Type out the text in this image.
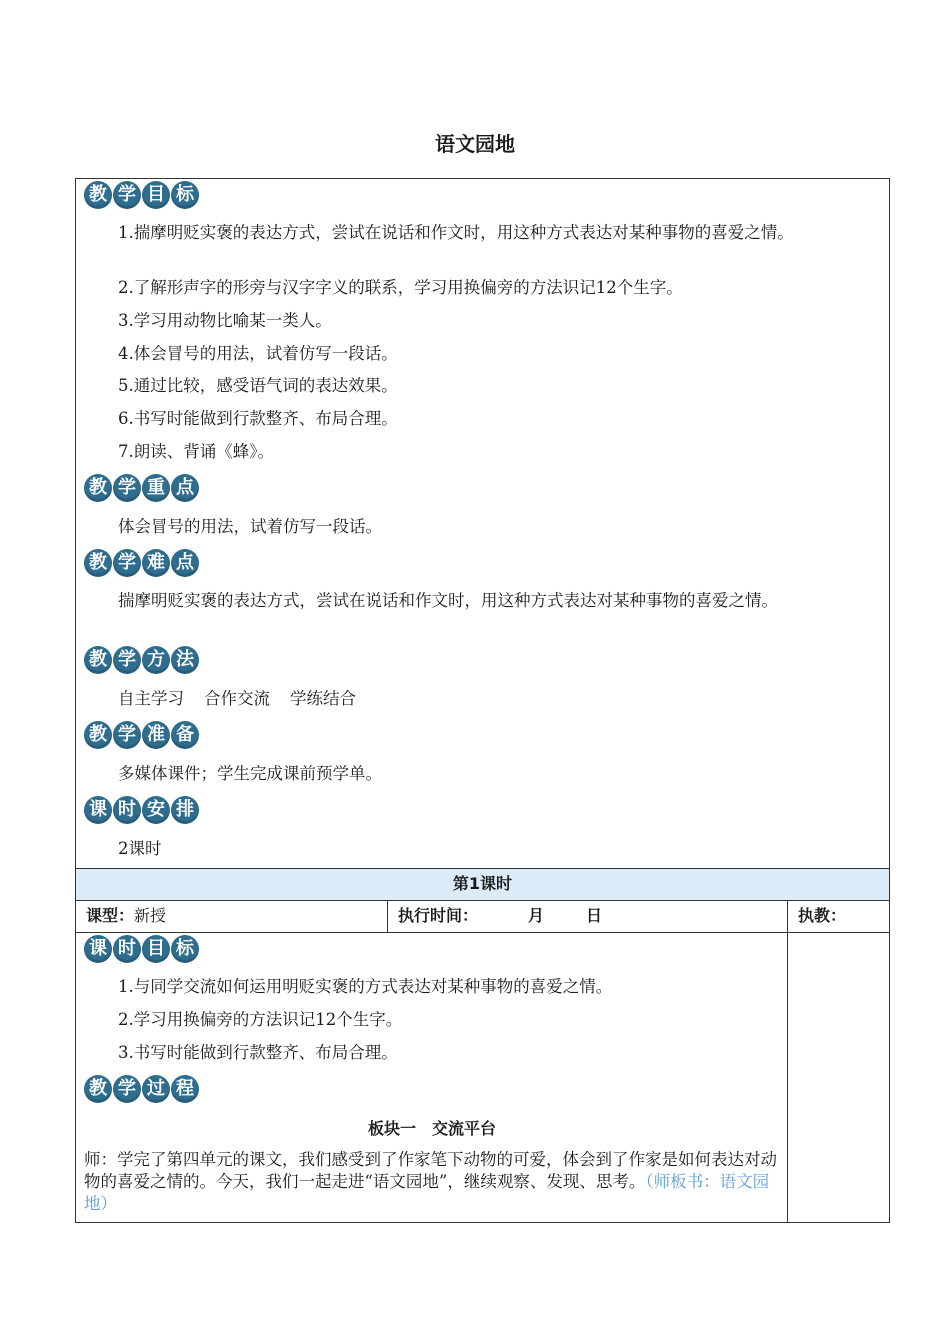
语文园地
教 学 目 标
1.揣摩明贬实褒的表达方式，尝试在说话和作文时，用这种方式表达对某种事物的喜爱之情。
2.了解形声字的形旁与汉字字义的联系，学习用换偏旁的方法识记12个生字。
3.学习用动物比喻某一类人。
4.体会冒号的用法，试着仿写一段话。
5.通过比较，感受语气词的表达效果。
6.书写时能做到行款整齐、布局合理。
7.朗读、背诵《蜂》。
教 学 重 点
体会冒号的用法，试着仿写一段话。
教 学 难 点
揣摩明贬实褒的表达方式，尝试在说话和作文时，用这种方式表达对某种事物的喜爱之情。
教 学 方 法
自主学习 合作交流 学练结合
教 学 准 备
多媒体课件；学生完成课前预学单。
课 时 安 排
2课时
第1课时
课型：新授	执行时间：	月	日	执教：
课 时 目 标
1.与同学交流如何运用明贬实褒的方式表达对某种事物的喜爱之情。
2.学习用换偏旁的方法识记12个生字。
3.书写时能做到行款整齐、布局合理。
教 学 过 程
板块一　交流平台
师：学完了第四单元的课文，我们感受到了作家笔下动物的可爱，体会到了作家是如何表达对动物的喜爱之情的。今天，我们一起走进“语文园地”，继续观察、发现、思考。（师板书：语文园地）
